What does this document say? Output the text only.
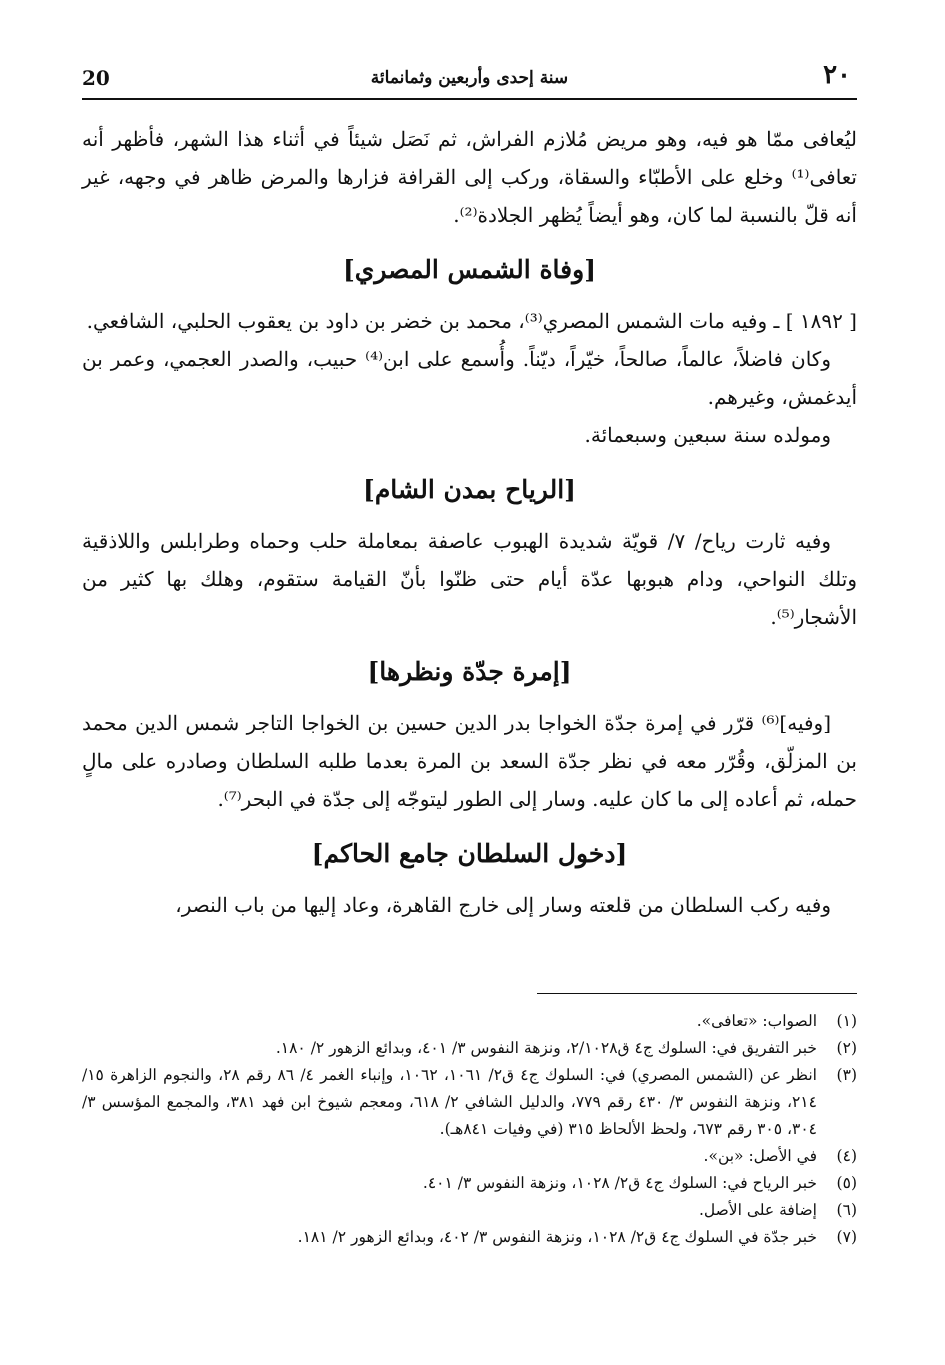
٢٠
سنة إحدى وأربعين وثمانمائة
20

ليُعافى ممّا هو فيه، وهو مريض مُلازم الفراش، ثم نَصَل شيئاً في أثناء هذا الشهر، فأظهر أنه تعافى⁽¹⁾ وخلع على الأطبّاء والسقاة، وركب إلى القرافة فزارها والمرض ظاهر في وجهه، غير أنه قلّ بالنسبة لما كان، وهو أيضاً يُظهر الجلادة⁽²⁾.

[وفاة الشمس المصري]

[ ١٨٩٢ ] ـ وفيه مات الشمس المصري⁽³⁾، محمد بن خضر بن داود بن يعقوب الحلبي، الشافعي.

وكان فاضلاً، عالماً، صالحاً، خيّراً، ديّناً. وأُسمع على ابن⁽⁴⁾ حبيب، والصدر العجمي، وعمر بن أيدغمش، وغيرهم.

ومولده سنة سبعين وسبعمائة.

[الرياح بمدن الشام]

وفيه ثارت رياح/ ٧/ قويّة شديدة الهبوب عاصفة بمعاملة حلب وحماه وطرابلس واللاذقية وتلك النواحي، ودام هبوبها عدّة أيام حتى ظنّوا بأنّ القيامة ستقوم، وهلك بها كثير من الأشجار⁽⁵⁾.

[إمرة جدّة ونظرها]

[وفيه]⁽⁶⁾ قرّر في إمرة جدّة الخواجا بدر الدين حسين بن الخواجا التاجر شمس الدين محمد بن المزلّق، وقُرّر معه في نظر جدّة السعد بن المرة بعدما طلبه السلطان وصادره على مالٍ حمله، ثم أعاده إلى ما كان عليه. وسار إلى الطور ليتوجّه إلى جدّة في البحر⁽⁷⁾.

[دخول السلطان جامع الحاكم]

وفيه ركب السلطان من قلعته وسار إلى خارج القاهرة، وعاد إليها من باب النصر،

(١)
الصواب: «تعافى».
(٢)
خبر التفريق في: السلوك ج٤ ق٢/١٠٢٨، ونزهة النفوس ٣/ ٤٠١، وبدائع الزهور ٢/ ١٨٠.
(٣)
انظر عن (الشمس المصري) في: السلوك ج٤ ق٢/ ١٠٦١، ١٠٦٢، وإنباء الغمر ٤/ ٨٦ رقم ٢٨، والنجوم الزاهرة ١٥/ ٢١٤، ونزهة النفوس ٣/ ٤٣٠ رقم ٧٧٩، والدليل الشافي ٢/ ٦١٨، ومعجم شيوخ ابن فهد ٣٨١، والمجمع المؤسس ٣/ ٣٠٤، ٣٠٥ رقم ٦٧٣، ولحظ الألحاظ ٣١٥ (في وفيات ٨٤١هـ).
(٤)
في الأصل: «بن».
(٥)
خبر الرياح في: السلوك ج٤ ق٢/ ١٠٢٨، ونزهة النفوس ٣/ ٤٠١.
(٦)
إضافة على الأصل.
(٧)
خبر جدّة في السلوك ج٤ ق٢/ ١٠٢٨، ونزهة النفوس ٣/ ٤٠٢، وبدائع الزهور ٢/ ١٨١.
